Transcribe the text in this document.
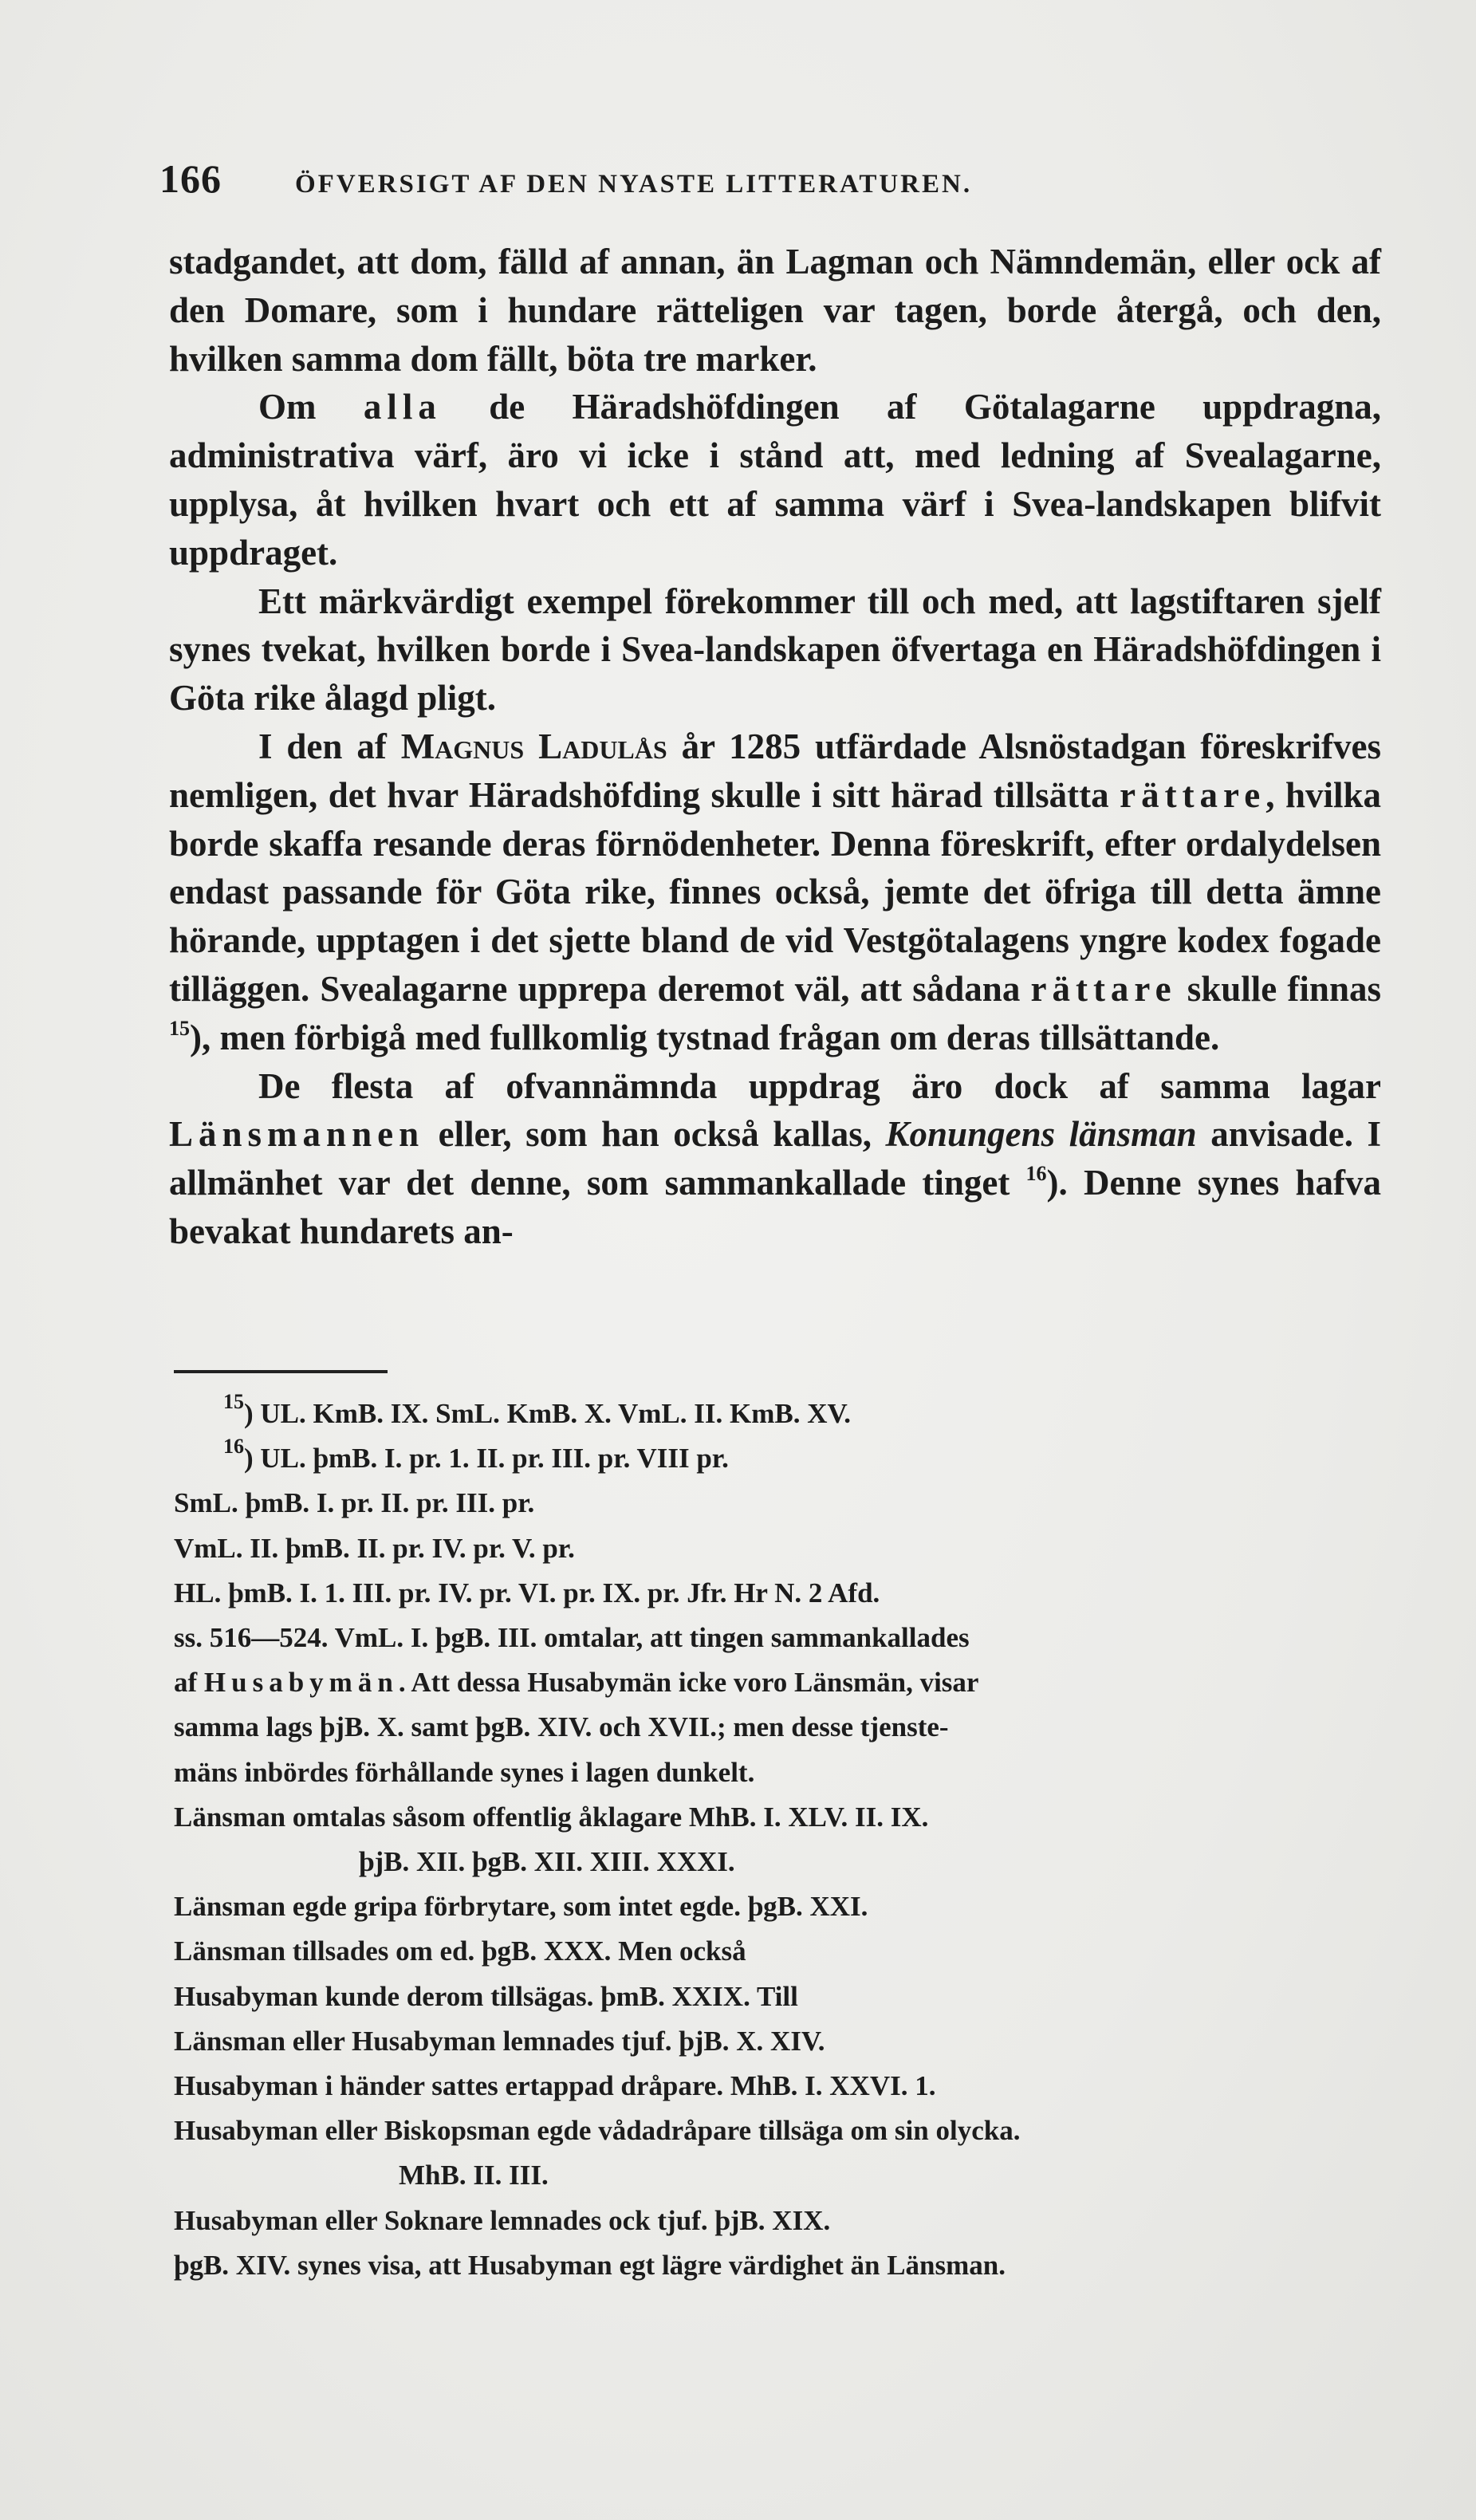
166	ÖFVERSIGT AF DEN NYASTE LITTERATUREN.

stadgandet, att dom, fälld af annan, än Lagman och Nämndemän, eller ock af den Domare, som i hundare rätteligen var tagen, borde återgå, och den, hvilken samma dom fällt, böta tre marker.

Om alla de Häradshöfdingen af Götalagarne uppdragna, administrativa värf, äro vi icke i stånd att, med ledning af Svealagarne, upplysa, åt hvilken hvart och ett af samma värf i Svea-landskapen blifvit uppdraget.

Ett märkvärdigt exempel förekommer till och med, att lagstiftaren sjelf synes tvekat, hvilken borde i Svea-landskapen öfvertaga en Häradshöfdingen i Göta rike ålagd pligt.

I den af Magnus Ladulås år 1285 utfärdade Alsnöstadgan föreskrifves nemligen, det hvar Häradshöfding skulle i sitt härad tillsätta rättare, hvilka borde skaffa resande deras förnödenheter. Denna föreskrift, efter ordalydelsen endast passande för Göta rike, finnes också, jemte det öfriga till detta ämne hörande, upptagen i det sjette bland de vid Vestgötalagens yngre kodex fogade tilläggen. Svealagarne upprepa deremot väl, att sådana rättare skulle finnas $^{15}$), men förbigå med fullkomlig tystnad frågan om deras tillsättande.

De flesta af ofvannämnda uppdrag äro dock af samma lagar Länsmannen eller, som han också kallas, Konungens länsman anvisade. I allmänhet var det denne, som sammankallade tinget $^{16}$). Denne synes hafva bevakat hundarets an-

$^{15}$) UL. KmB. IX. SmL. KmB. X. VmL. II. KmB. XV.

$^{16}$) UL. þmB. I. pr. 1. II. pr. III. pr. VIII pr.

SmL. þmB. I. pr. II. pr. III. pr.

VmL. II. þmB. II. pr. IV. pr. V. pr.

HL. þmB. I. 1. III. pr. IV. pr. VI. pr. IX. pr. Jfr. Hr N. 2 Afd.

ss. 516—524. VmL. I. þgB. III. omtalar, att tingen sammankallades

af Husabymän. Att dessa Husabymän icke voro Länsmän, visar

samma lags þjB. X. samt þgB. XIV. och XVII.; men desse tjenste-

mäns inbördes förhållande synes i lagen dunkelt.

Länsman omtalas såsom offentlig åklagare MhB. I. XLV. II. IX.

þjB. XII. þgB. XII. XIII. XXXI.

Länsman egde gripa förbrytare, som intet egde. þgB. XXI.

Länsman tillsades om ed. þgB. XXX. Men också

Husabyman kunde derom tillsägas. þmB. XXIX. Till

Länsman eller Husabyman lemnades tjuf. þjB. X. XIV.

Husabyman i händer sattes ertappad dråpare. MhB. I. XXVI. 1.

Husabyman eller Biskopsman egde vådadråpare tillsäga om sin olycka.

MhB. II. III.

Husabyman eller Soknare lemnades ock tjuf. þjB. XIX.

þgB. XIV. synes visa, att Husabyman egt lägre värdighet än Länsman.
